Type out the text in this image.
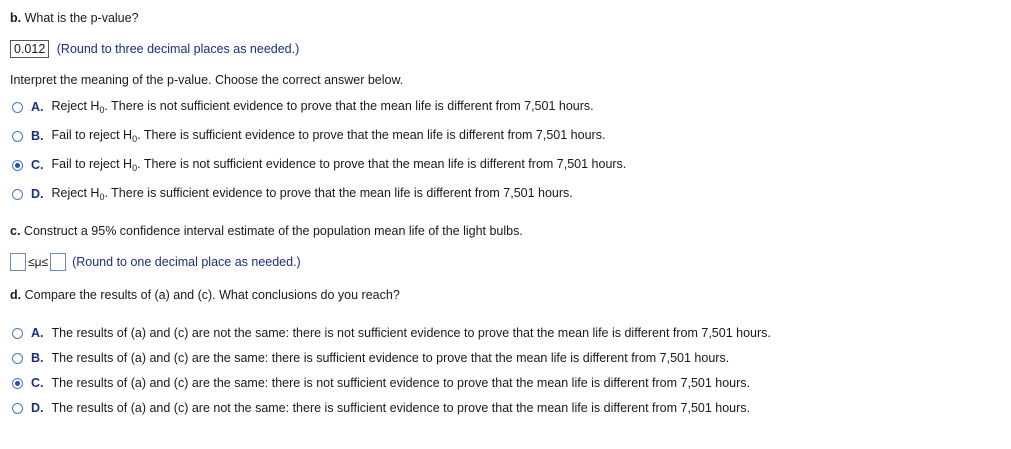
b. What is the p-value?
0.012 (Round to three decimal places as needed.)
Interpret the meaning of the p-value. Choose the correct answer below.
A. Reject $H_0$. There is not sufficient evidence to prove that the mean life is different from 7,501 hours.
B. Fail to reject $H_0$. There is sufficient evidence to prove that the mean life is different from 7,501 hours.
C. Fail to reject $H_0$. There is not sufficient evidence to prove that the mean life is different from 7,501 hours.
D. Reject $H_0$. There is sufficient evidence to prove that the mean life is different from 7,501 hours.
c. Construct a 95% confidence interval estimate of the population mean life of the light bulbs.
≤μ≤ (Round to one decimal place as needed.)
d. Compare the results of (a) and (c). What conclusions do you reach?
A. The results of (a) and (c) are not the same: there is not sufficient evidence to prove that the mean life is different from 7,501 hours.
B. The results of (a) and (c) are the same: there is sufficient evidence to prove that the mean life is different from 7,501 hours.
C. The results of (a) and (c) are the same: there is not sufficient evidence to prove that the mean life is different from 7,501 hours.
D. The results of (a) and (c) are not the same: there is sufficient evidence to prove that the mean life is different from 7,501 hours.
